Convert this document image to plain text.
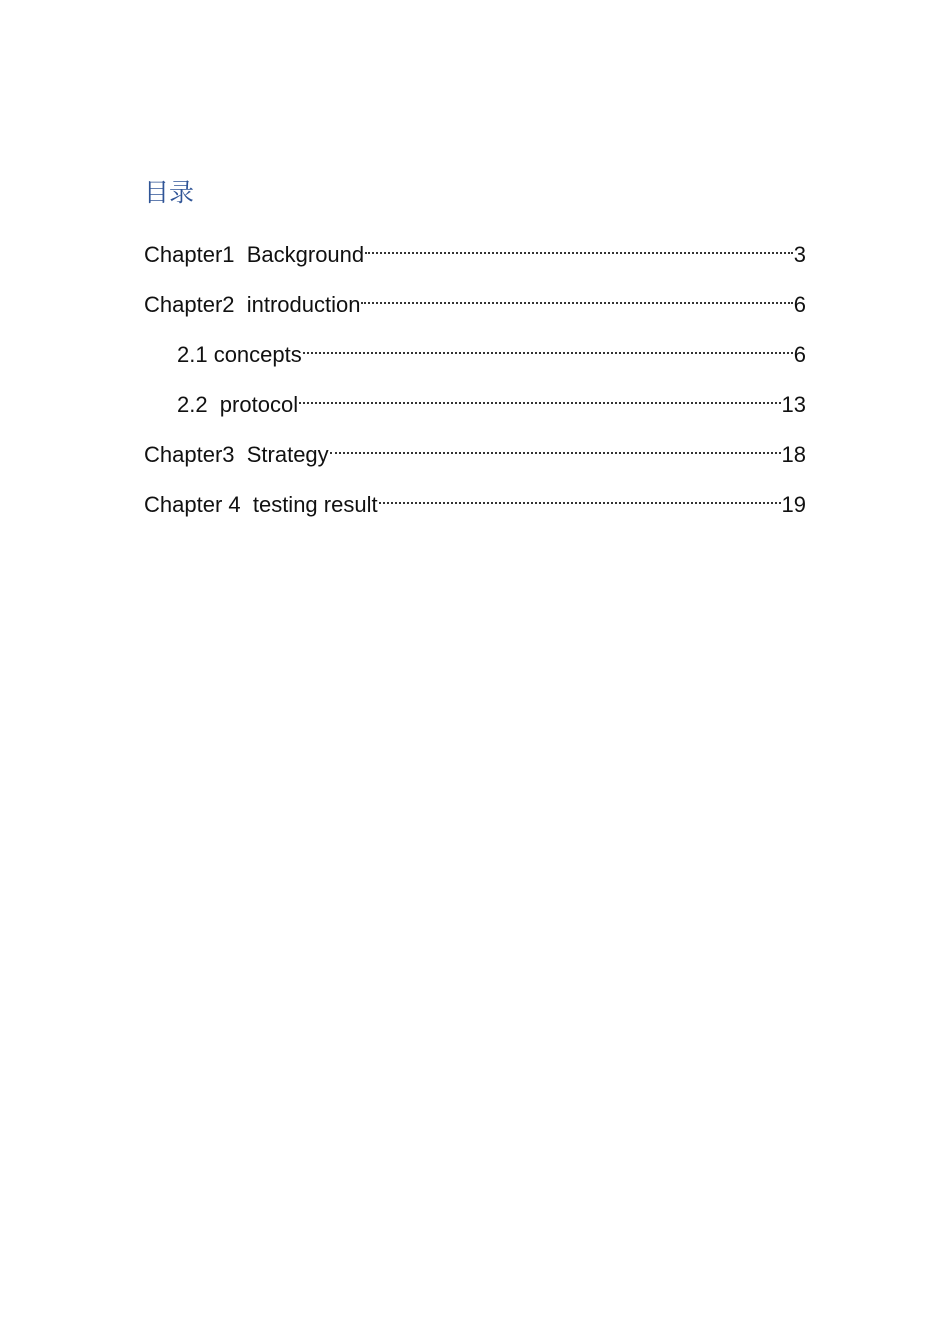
目录
Chapter1  Background	3
Chapter2  introduction	6
2.1 concepts	6
2.2  protocol	13
Chapter3  Strategy	18
Chapter 4  testing result	19
